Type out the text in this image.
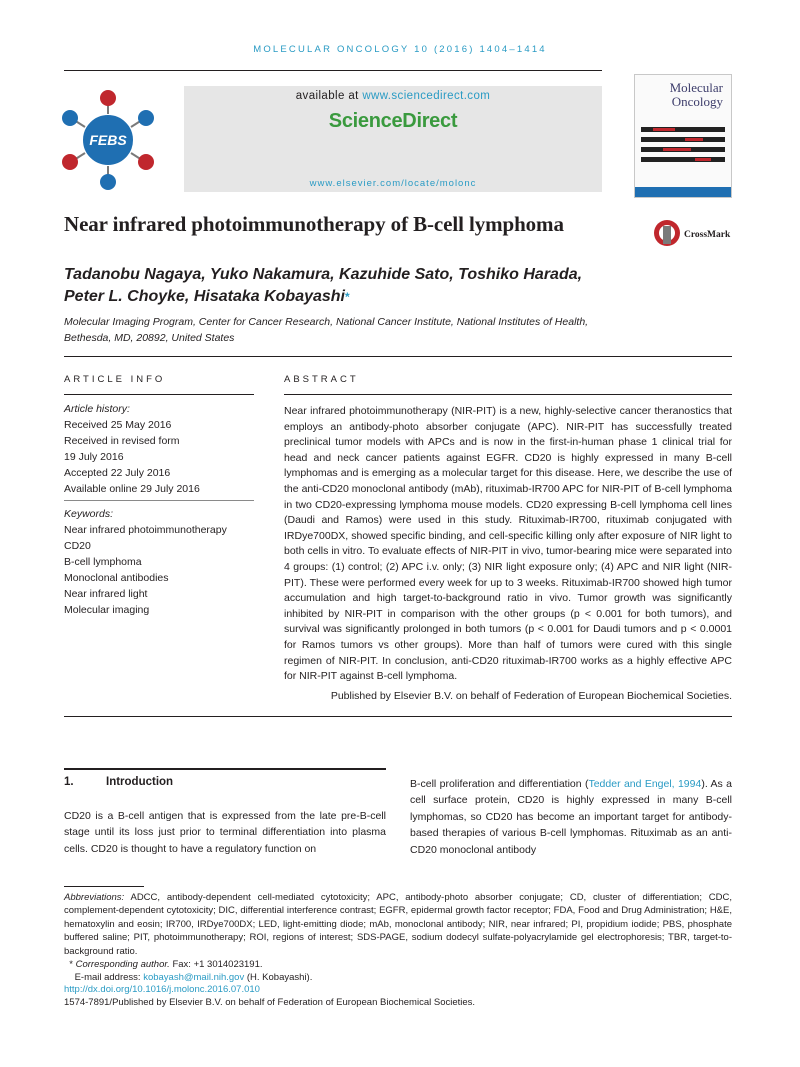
MOLECULAR ONCOLOGY 10 (2016) 1404–1414
FEBS
available at www.sciencedirect.com
ScienceDirect
www.elsevier.com/locate/molonc
Molecular
Oncology
Near infrared photoimmunotherapy of B-cell lymphoma	CrossMark
Tadanobu Nagaya, Yuko Nakamura, Kazuhide Sato, Toshiko Harada,
Peter L. Choyke, Hisataka Kobayashi*
Molecular Imaging Program, Center for Cancer Research, National Cancer Institute, National Institutes of Health, Bethesda, MD, 20892, United States
ARTICLE INFO	ABSTRACT
Article history:
Received 25 May 2016
Received in revised form
19 July 2016
Accepted 22 July 2016
Available online 29 July 2016
Keywords:
Near infrared photoimmunotherapy
CD20
B-cell lymphoma
Monoclonal antibodies
Near infrared light
Molecular imaging
Near infrared photoimmunotherapy (NIR-PIT) is a new, highly-selective cancer theranostics that employs an antibody-photo absorber conjugate (APC). NIR-PIT has successfully treated preclinical tumor models with APCs and is now in the first-in-human phase 1 clinical trial for head and neck cancer patients against EGFR. CD20 is highly expressed in many B-cell lymphomas and is emerging as a molecular target for this disease. Here, we describe the use of the anti-CD20 monoclonal antibody (mAb), rituximab-IR700 APC for NIR-PIT of B-cell lymphoma in two CD20-expressing lymphoma mouse models. CD20 expressing B-cell lymphoma cell lines (Daudi and Ramos) were used in this study. Rituximab-IR700, rituximab conjugated with IRDye700DX, showed specific binding, and cell-specific killing only after exposure of NIR light to both cells in vitro. To evaluate effects of NIR-PIT in vivo, tumor-bearing mice were separated into 4 groups: (1) control; (2) APC i.v. only; (3) NIR light exposure only; (4) APC and NIR light (NIR-PIT). These were performed every week for up to 3 weeks. Rituximab-IR700 showed high tumor accumulation and high target-to-background ratio in vivo. Tumor growth was significantly inhibited by NIR-PIT in comparison with the other groups (p < 0.001 for both tumors), and survival was significantly prolonged in both tumors (p < 0.001 for Daudi tumors and p < 0.0001 for Ramos tumors vs other groups). More than half of tumors were cured with this single regimen of NIR-PIT. In conclusion, anti-CD20 rituximab-IR700 works as a highly effective APC for NIR-PIT against B-cell lymphoma.
Published by Elsevier B.V. on behalf of Federation of European Biochemical Societies.
1.	Introduction
CD20 is a B-cell antigen that is expressed from the late pre-B-cell stage until its loss just prior to terminal differentiation into plasma cells. CD20 is thought to have a regulatory function on
B-cell proliferation and differentiation (Tedder and Engel, 1994). As a cell surface protein, CD20 is highly expressed in many B-cell lymphomas, so CD20 has become an important target for antibody-based therapies of various B-cell lymphomas. Rituximab as an anti-CD20 monoclonal antibody
Abbreviations: ADCC, antibody-dependent cell-mediated cytotoxicity; APC, antibody-photo absorber conjugate; CD, cluster of differentiation; CDC, complement-dependent cytotoxicity; DIC, differential interference contrast; EGFR, epidermal growth factor receptor; FDA, Food and Drug Administration; H&E, hematoxylin and eosin; IR700, IRDye700DX; LED, light-emitting diode; mAb, monoclonal antibody; NIR, near infrared; PI, propidium iodide; PBS, phosphate buffered saline; PIT, photoimmunotherapy; ROI, regions of interest; SDS-PAGE, sodium dodecyl sulfate-polyacrylamide gel electrophoresis; TBR, target-to-background ratio.
* Corresponding author. Fax: +1 3014023191.
E-mail address: kobayash@mail.nih.gov (H. Kobayashi).
http://dx.doi.org/10.1016/j.molonc.2016.07.010
1574-7891/Published by Elsevier B.V. on behalf of Federation of European Biochemical Societies.
